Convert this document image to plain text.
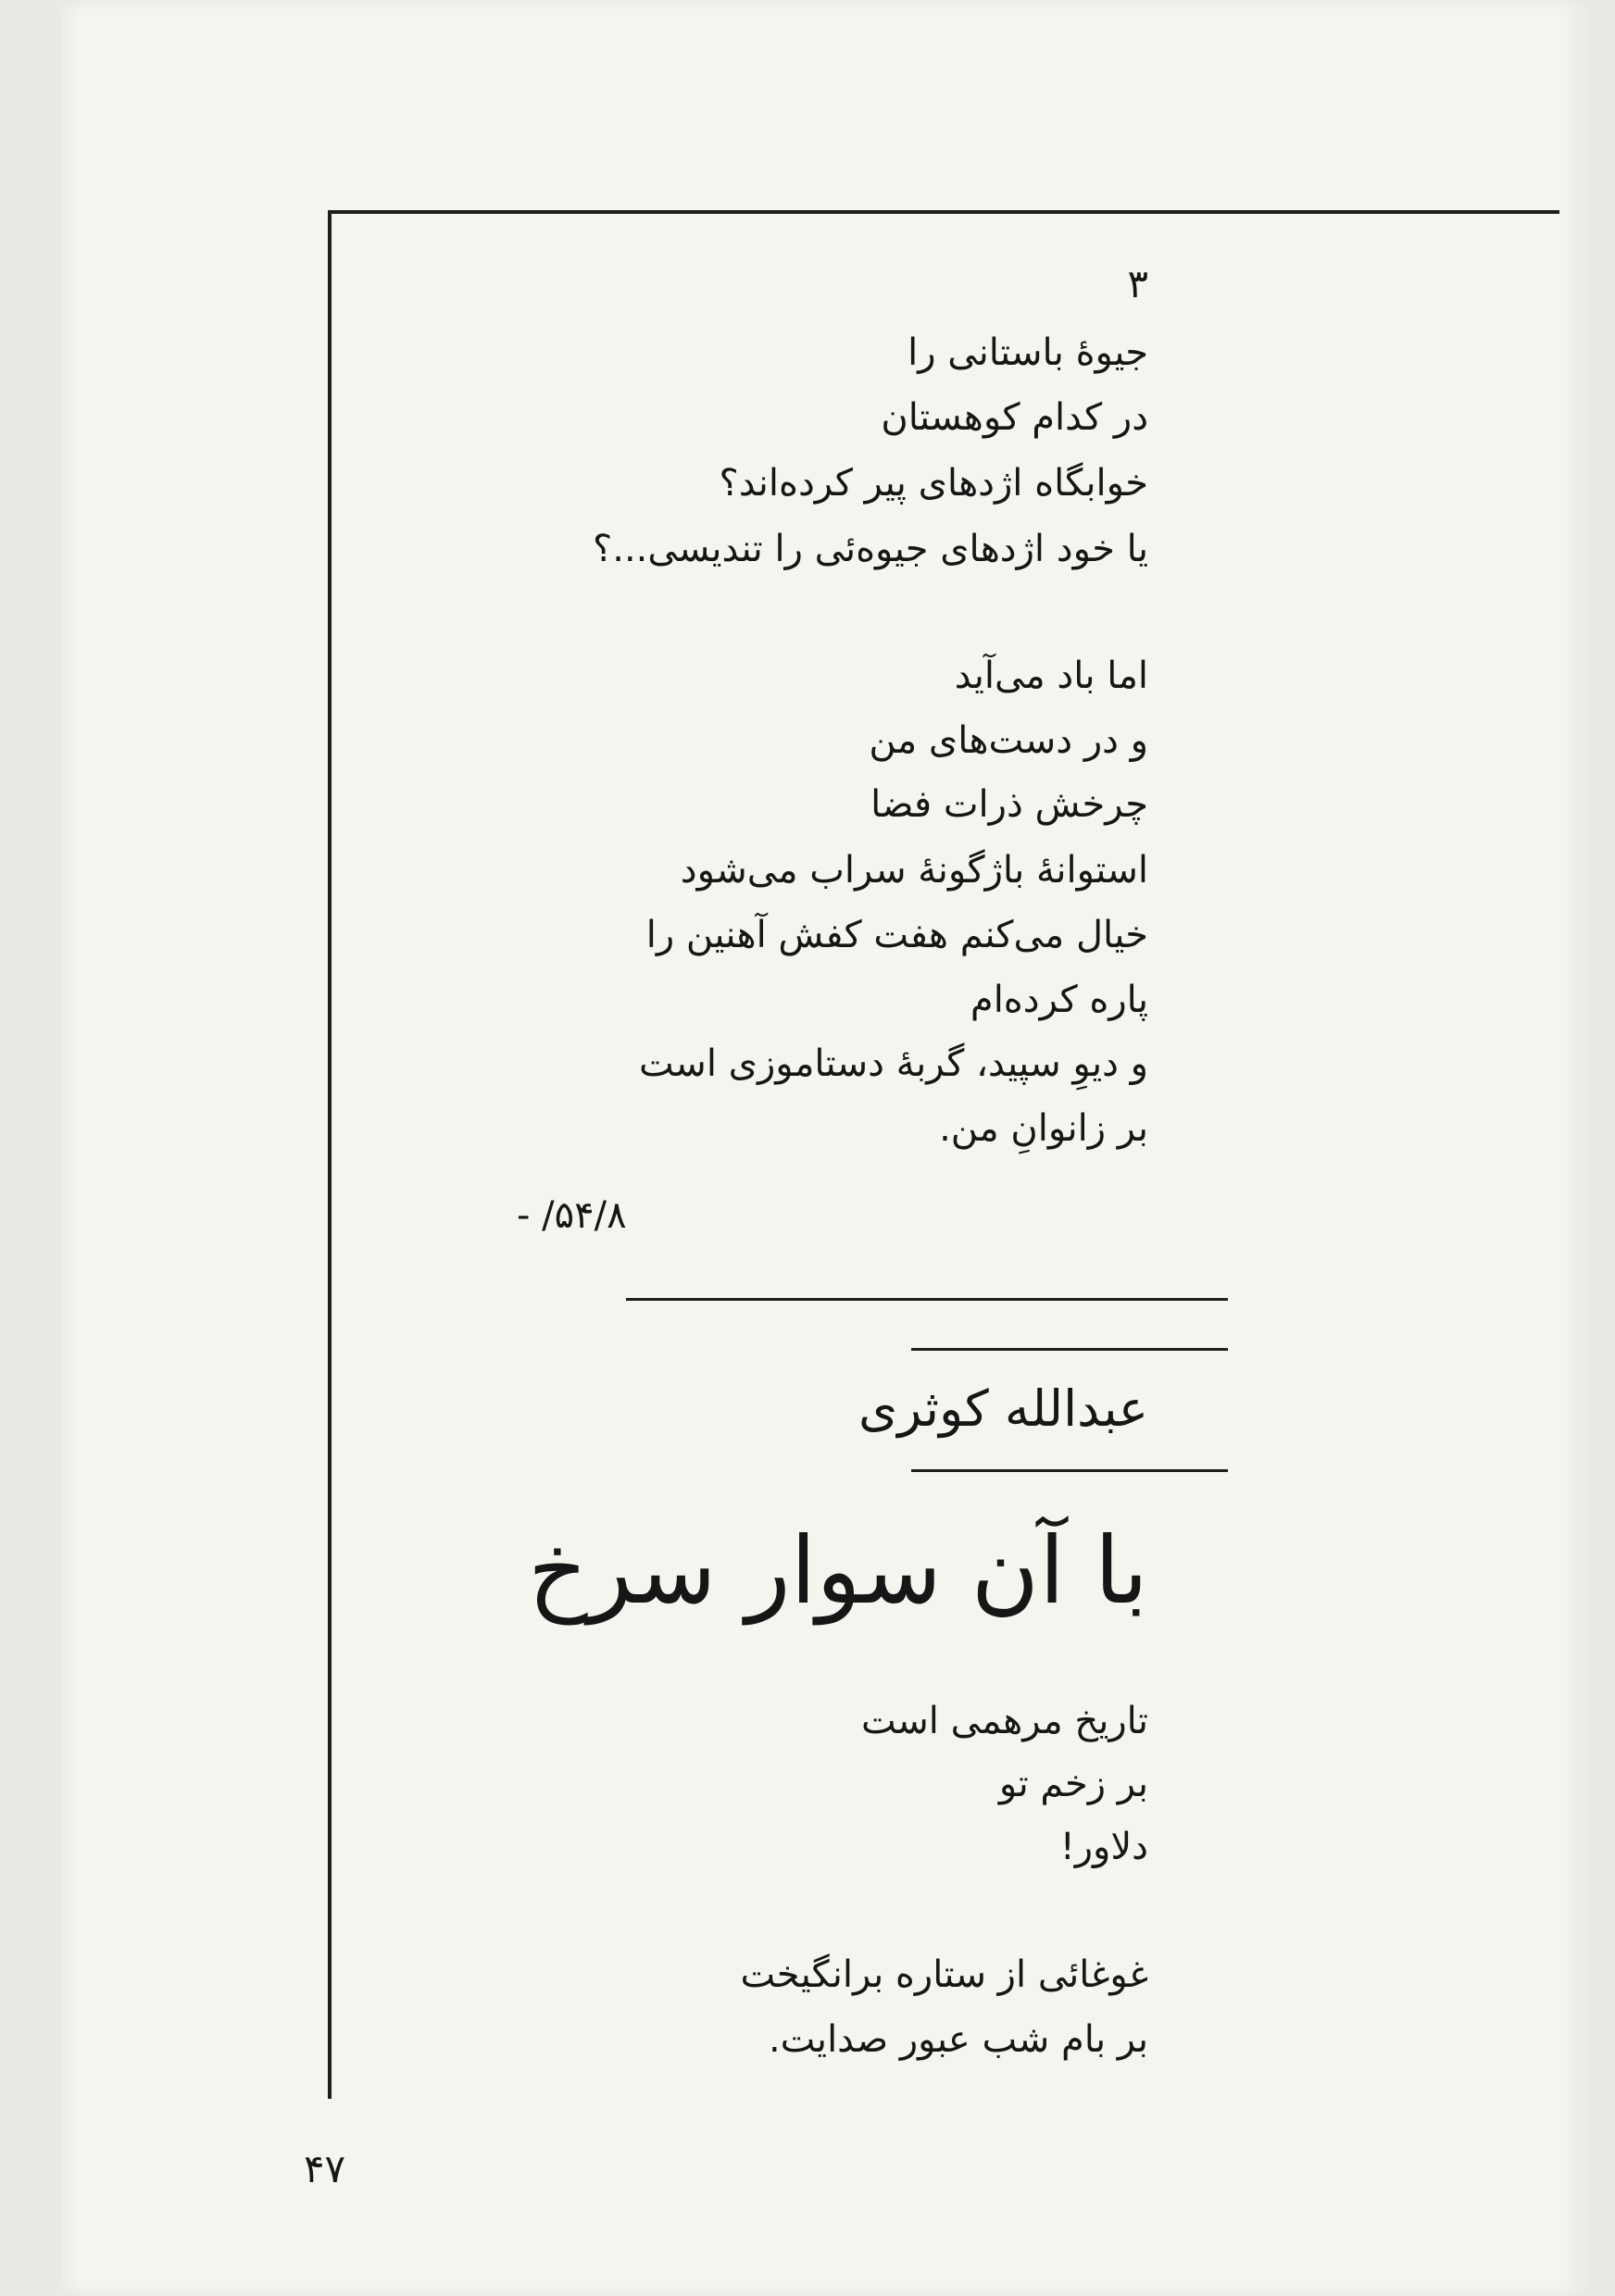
۳
جیوهٔ باستانی را
در کدام کوهستان
خوابگاه اژدهای پیر کرده‌اند؟
یا خود اژدهای جیوه‌ئی را تندیسی...؟
اما باد می‌آید
و در دست‌های من
چرخش ذرات فضا
استوانهٔ باژگونهٔ سراب می‌شود
خیال می‌کنم هفت کفش آهنین را
پاره کرده‌ام
و دیوِ سپید، گربهٔ دستاموزی است
بر زانوانِ من.
- /۵۴/۸
عبدالله کوثری
با آن سوار سرخ
تاریخ مرهمی است
بر زخم تو
دلاور!
غوغائی از ستاره برانگیخت
بر بام شب عبور صدایت.
۴۷
